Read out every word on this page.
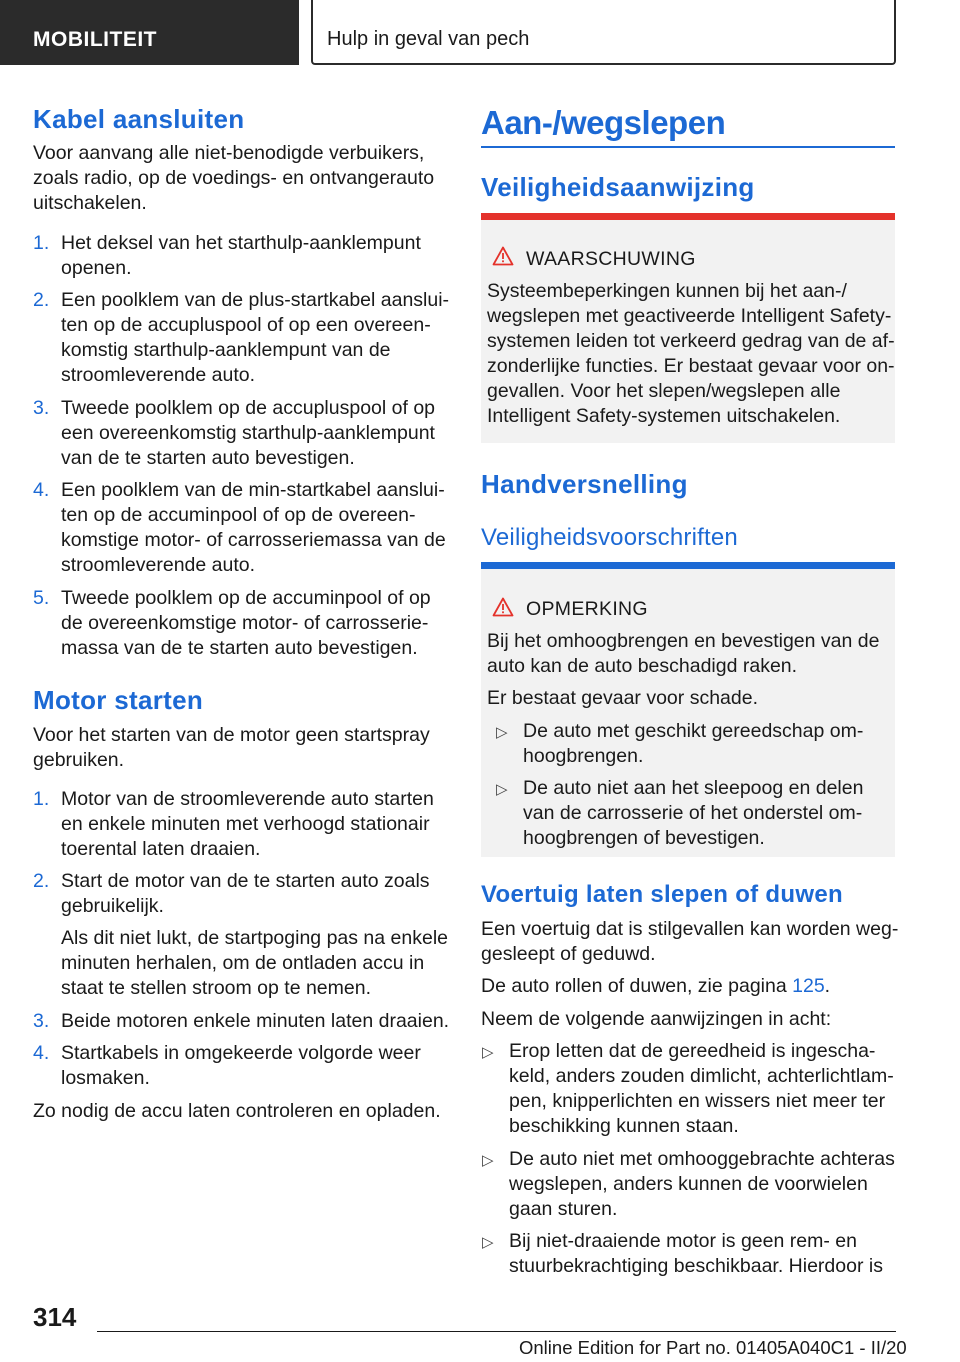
MOBILITEIT	Hulp in geval van pech
Kabel aansluiten
Voor aanvang alle niet-benodigde verbuikers,
zoals radio, op de voedings- en ontvangerauto
uitschakelen.
1. Het deksel van het starthulp-aanklempunt
openen.
2. Een poolklem van de plus-startkabel aanslui-
ten op de accupluspool of op een overeen-
komstig starthulp-aanklempunt van de
stroomleverende auto.
3. Tweede poolklem op de accupluspool of op
een overeenkomstig starthulp-aanklempunt
van de te starten auto bevestigen.
4. Een poolklem van de min-startkabel aanslui-
ten op de accuminpool of op de overeen-
komstige motor- of carrosseriemassa van de
stroomleverende auto.
5. Tweede poolklem op de accuminpool of op
de overeenkomstige motor- of carrosserie-
massa van de te starten auto bevestigen.
Motor starten
Voor het starten van de motor geen startspray
gebruiken.
1. Motor van de stroomleverende auto starten
en enkele minuten met verhoogd stationair
toerental laten draaien.
2. Start de motor van de te starten auto zoals
gebruikelijk.
Als dit niet lukt, de startpoging pas na enkele
minuten herhalen, om de ontladen accu in
staat te stellen stroom op te nemen.
3. Beide motoren enkele minuten laten draaien.
4. Startkabels in omgekeerde volgorde weer
losmaken.
Zo nodig de accu laten controleren en opladen.
Aan-/wegslepen
Veiligheidsaanwijzing
WAARSCHUWING
Systeembeperkingen kunnen bij het aan-/
wegslepen met geactiveerde Intelligent Safety-
systemen leiden tot verkeerd gedrag van de af-
zonderlijke functies. Er bestaat gevaar voor on-
gevallen. Voor het slepen/wegslepen alle
Intelligent Safety-systemen uitschakelen.
Handversnelling
Veiligheidsvoorschriften
OPMERKING
Bij het omhoogbrengen en bevestigen van de
auto kan de auto beschadigd raken.
Er bestaat gevaar voor schade.
▷ De auto met geschikt gereedschap om-
hoogbrengen.
▷ De auto niet aan het sleepoog en delen
van de carrosserie of het onderstel om-
hoogbrengen of bevestigen.
Voertuig laten slepen of duwen
Een voertuig dat is stilgevallen kan worden weg-
gesleept of geduwd.
De auto rollen of duwen, zie pagina 125.
Neem de volgende aanwijzingen in acht:
▷ Erop letten dat de gereedheid is ingescha-
keld, anders zouden dimlicht, achterlichtlam-
pen, knipperlichten en wissers niet meer ter
beschikking kunnen staan.
▷ De auto niet met omhooggebrachte achteras
wegslepen, anders kunnen de voorwielen
gaan sturen.
▷ Bij niet-draaiende motor is geen rem- en
stuurbekrachtiging beschikbaar. Hierdoor is
314
Online Edition for Part no. 01405A040C1 - II/20
